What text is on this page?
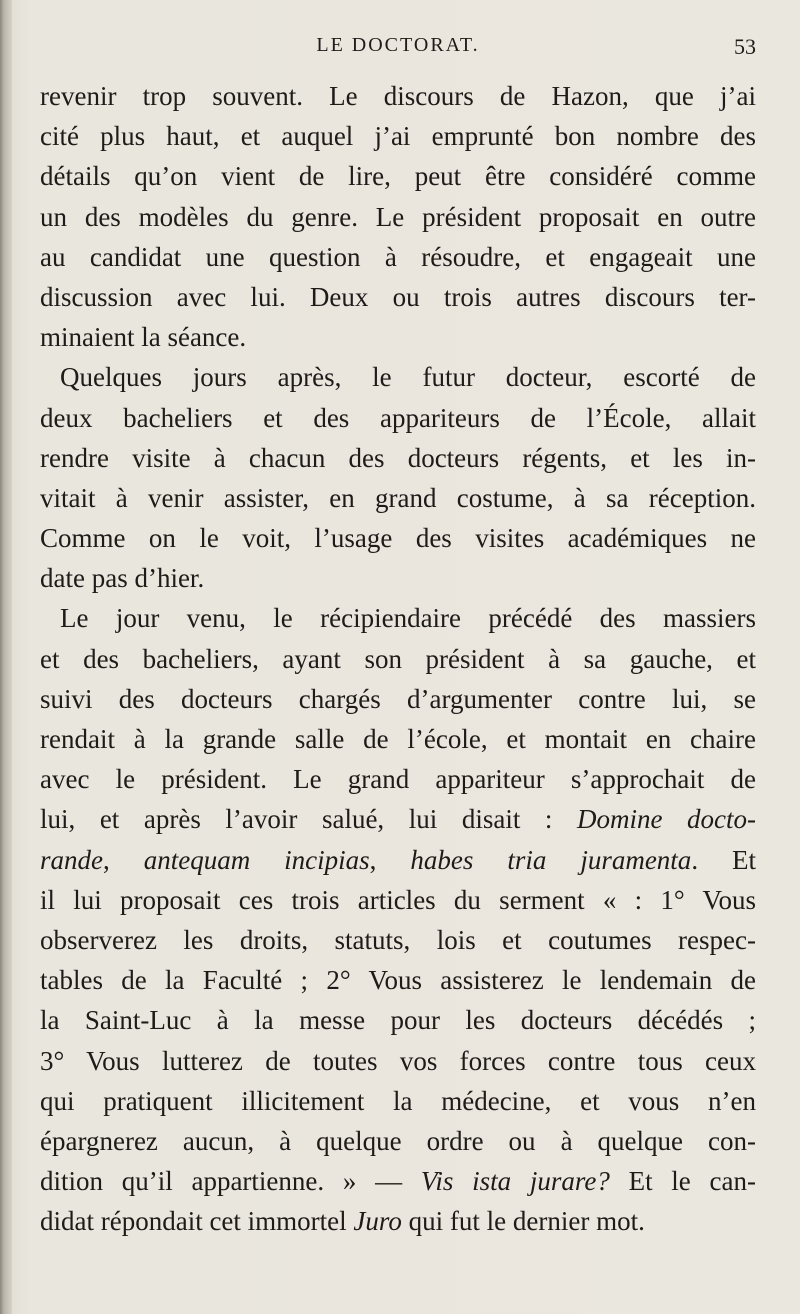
LE DOCTORAT.	53
revenir trop souvent. Le discours de Hazon, que j’ai
cité plus haut, et auquel j’ai emprunté bon nombre des
détails qu’on vient de lire, peut être considéré comme
un des modèles du genre. Le président proposait en outre
au candidat une question à résoudre, et engageait une
discussion avec lui. Deux ou trois autres discours ter-
minaient la séance.
Quelques jours après, le futur docteur, escorté de
deux bacheliers et des appariteurs de l’École, allait
rendre visite à chacun des docteurs régents, et les in-
vitait à venir assister, en grand costume, à sa réception.
Comme on le voit, l’usage des visites académiques ne
date pas d’hier.
Le jour venu, le récipiendaire précédé des massiers
et des bacheliers, ayant son président à sa gauche, et
suivi des docteurs chargés d’argumenter contre lui, se
rendait à la grande salle de l’école, et montait en chaire
avec le président. Le grand appariteur s’approchait de
lui, et après l’avoir salué, lui disait : Domine docto-
rande, antequam incipias, habes tria juramenta. Et
il lui proposait ces trois articles du serment « : 1° Vous
observerez les droits, statuts, lois et coutumes respec-
tables de la Faculté ; 2° Vous assisterez le lendemain de
la Saint-Luc à la messe pour les docteurs décédés ;
3° Vous lutterez de toutes vos forces contre tous ceux
qui pratiquent illicitement la médecine, et vous n’en
épargnerez aucun, à quelque ordre ou à quelque con-
dition qu’il appartienne. » — Vis ista jurare? Et le can-
didat répondait cet immortel Juro qui fut le dernier mot.
